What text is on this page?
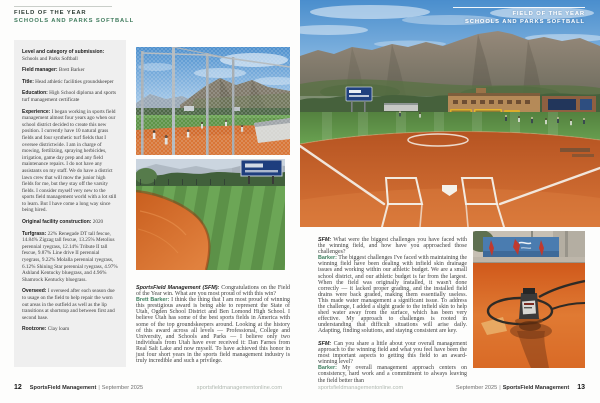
FIELD OF THE YEAR
SCHOOLS AND PARKS SOFTBALL

Level and category of submission: Schools and Parks Softball

Field manager: Brett Barker

Title: Head athletic facilities groundskeeper

Education: High School diploma and sports turf management certificate

Experience: I began working in sports field management almost four years ago when our school district decided to create this new position. I currently have 10 natural grass fields and four synthetic turf fields that I oversee districtwide. I am in charge of mowing, fertilizing, spraying herbicides, irrigation, game day prep and any field maintenance repairs. I do not have any assistants on my staff. We do have a district lawn crew that will mow the junior high fields for me, but they stay off the varsity fields. I consider myself very new to the sports field management world with a lot still to learn. But I have come a long way since being hired.

Original facility construction: 2020

Turfgrass: 22% Renegade DT tall fescue, 14.84% Zigzag tall fescue, 13.25% Metolius perennial ryegrass, 12.14% Tribute II tall fescue, 9.87% Line drive II perennial ryegrass, 9.22% Molalla perennial ryegrass, 6.12% Shining Star perennial ryegrass, 4.97% Ashland Kentucky bluegrass, and 4.96% Shamrock Kentucky bluegrass.

Overseed: I overseed after each season due to usage on the field to help repair the worn out areas in the outfield as well as the lip transitions at shortstop and between first and second base.

Rootzone: Clay loam

SportsField Management (SFM): Congratulations on the Field of the Year win. What are you most proud of with this win?

Brett Barker: I think the thing that I am most proud of winning this prestigious award is being able to represent the State of Utah, Ogden School District and Ben Lomond High School. I believe Utah has some of the best sports fields in America with some of the top groundskeepers around. Looking at the history of this award across all levels — Professional, College and University, and Schools and Parks — I believe only two individuals from Utah have ever received it: Dan Farnes from Real Salt Lake and now myself. To have achieved this honor in just four short years in the sports field management industry is truly incredible and such a privilege.

12 SportsField Management | September 2025	sportsfieldmanagementonline.com
FIELD OF THE YEAR
SCHOOLS AND PARKS SOFTBALL

SFM: What were the biggest challenges you have faced with the winning field, and how have you approached those challenges?

Barker: The biggest challenges I've faced with maintaining the winning field have been dealing with infield skin drainage issues and working within our athletic budget. We are a small school district, and our athletic budget is far from the largest. When the field was originally installed, it wasn't done correctly — it lacked proper grading, and the installed field drains were back graded, making them essentially useless. This made water management a significant issue. To address the challenge, I added a slight grade to the infield skin to help shed water away from the surface, which has been very effective. My approach to challenges is rooted in understanding that difficult situations will arise daily. Adapting, finding solutions, and staying consistent are key.

SFM: Can you share a little about your overall management approach to the winning field and what you feel have been the most important aspects to getting this field to an award-winning level?

Barker: My overall management approach centers on consistency, hard work and a commitment to always leaving the field better than

sportsfieldmanagementonline.com	September 2025 | SportsField Management 13
